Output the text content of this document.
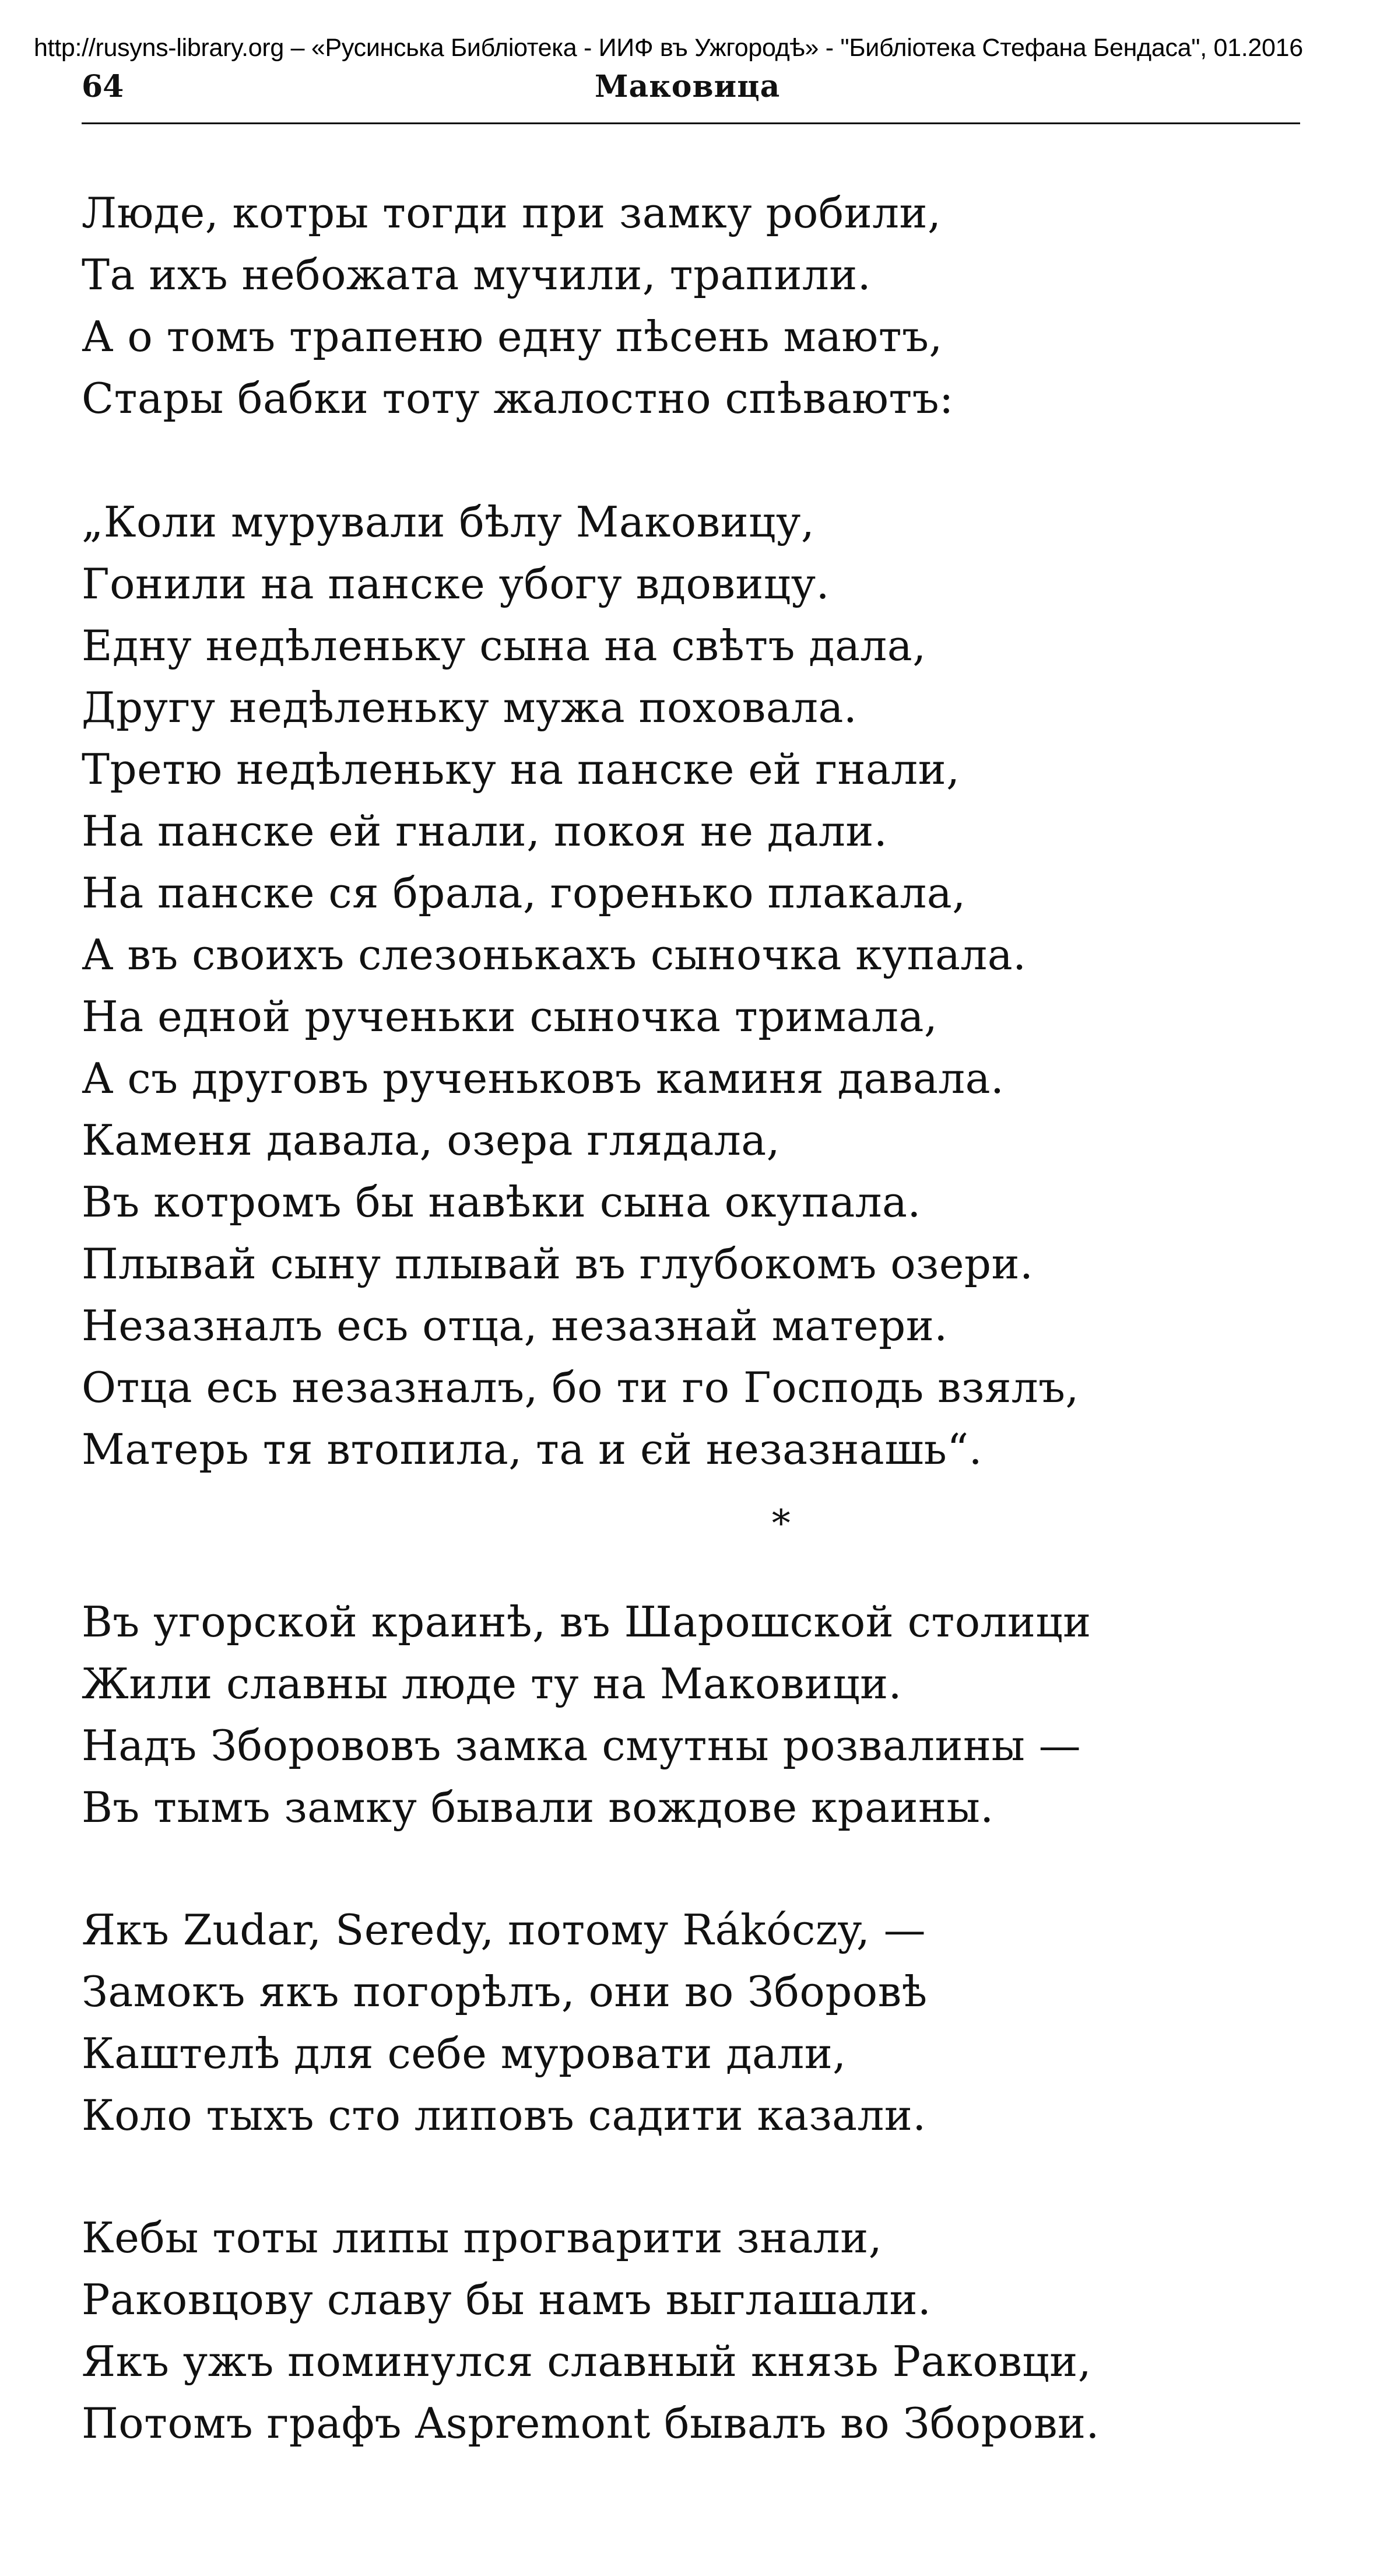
http://rusyns-library.org – «Русинська Библiотека - ИИФ въ Ужгородѣ» - "Библiотека Стефана Бендаса", 01.2016
64	Маковица
Люде, котры тогди при замку робили,
Та ихъ небожата мучили, трапили.
А о томъ трапеню едну пѣсень маютъ,
Стары бабки тоту жалостно спѣваютъ:
„Коли мурували бѣлу Маковицу,
Гонили на панске убогу вдовицу.
Едну недѣленьку сына на свѣтъ дала,
Другу недѣленьку мужа поховала.
Третю недѣленьку на панске ей гнали,
На панске ей гнали, покоя не дали.
На панске ся брала, горенько плакала,
А въ своихъ слезонькахъ сыночка купала.
На едной рученьки сыночка тримала,
А съ друговъ рученьковъ каминя давала.
Каменя давала, озера глядала,
Въ котромъ бы навѣки сына окупала.
Плывай сыну плывай въ глубокомъ озери.
Незазналъ есь отца, незазнай матери.
Отца есь незазналъ, бо ти го Господь взялъ,
Матерь тя втопила, та и єй незазнашь“.
*
Въ угорской краинѣ, въ Шарошской столици
Жили славны люде ту на Маковици.
Надъ Зборововъ замка смутны розвалины —
Въ тымъ замку бывали вождове краины.
Якъ Zudar, Seredy, потому Rákóczy, —
Замокъ якъ погорѣлъ, они во Зборовѣ
Каштелѣ для себе муровати дали,
Коло тыхъ сто липовъ садити казали.
Кебы тоты липы прогварити знали,
Раковцову славу бы намъ выглашали.
Якъ ужъ поминулся славный князь Раковци,
Потомъ графъ Aspremont бывалъ во Зборови.
